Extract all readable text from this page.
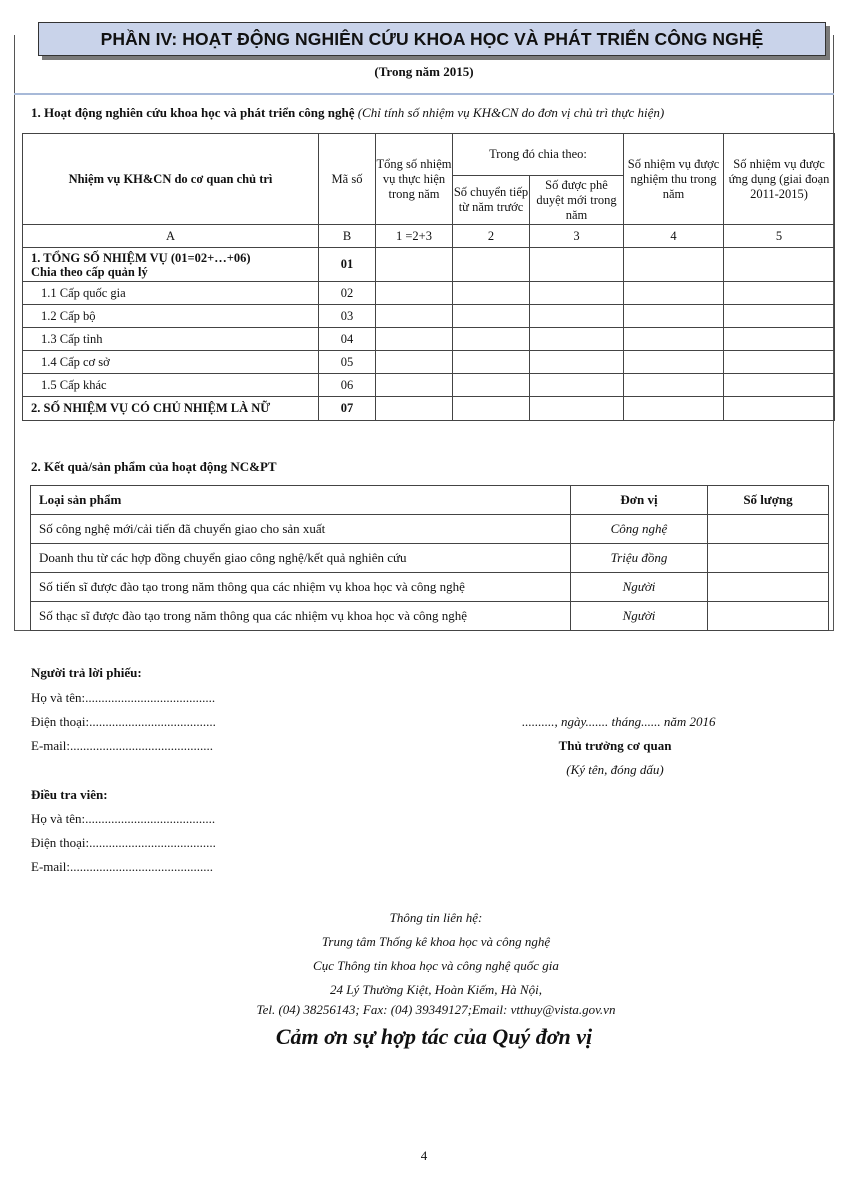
PHẦN IV: HOẠT ĐỘNG NGHIÊN CỨU KHOA HỌC VÀ PHÁT TRIỂN CÔNG NGHỆ
(Trong năm 2015)
1. Hoạt động nghiên cứu khoa học và phát triển công nghệ (Chỉ tính số nhiệm vụ KH&CN do đơn vị chủ trì thực hiện)
Nhiệm vụ KH&CN do cơ quan chủ trì	Mã số	Tổng số nhiệm vụ thực hiện trong năm	Trong đó chia theo:		Số nhiệm vụ được nghiệm thu trong năm	Số nhiệm vụ được ứng dụng (giai đoạn 2011-2015)
			Số chuyển tiếp từ năm trước	Số được phê duyệt mới trong năm		
A	B	1 =2+3	2	3	4	5

1. TỔNG SỐ NHIỆM VỤ (01=02+…+06)
Chia theo cấp quản lý	01					
1.1 Cấp quốc gia	02					
1.2 Cấp bộ	03					
1.3 Cấp tỉnh	04					
1.4 Cấp cơ sở	05					
1.5 Cấp khác	06					
2. SỐ NHIỆM VỤ CÓ CHỦ NHIỆM LÀ NỮ	07					
2. Kết quả/sản phẩm của hoạt động NC&PT
Loại sản phẩm	Đơn vị	Số lượng
Số công nghệ mới/cải tiến đã chuyển giao cho sản xuất	Công nghệ	
Doanh thu từ các hợp đồng chuyển giao công nghệ/kết quả nghiên cứu	Triệu đồng	
Số tiến sĩ được đào tạo trong năm thông qua các nhiệm vụ khoa học và công nghệ	Người	
Số thạc sĩ được đào tạo trong năm thông qua các nhiệm vụ khoa học và công nghệ	Người	
Người trả lời phiếu:
Họ và tên:........................................
Điện thoại:.......................................
E-mail:............................................
.........., ngày....... tháng...... năm 2016
Thủ trưởng cơ quan
(Ký tên, đóng dấu)
Điều tra viên:
Họ và tên:........................................
Điện thoại:.......................................
E-mail:............................................
Thông tin liên hệ:
Trung tâm Thống kê khoa học và công nghệ
Cục Thông tin khoa học và công nghệ quốc gia
24 Lý Thường Kiệt, Hoàn Kiếm, Hà Nội,
Tel. (04) 38256143; Fax: (04) 39349127;Email: vtthuy@vista.gov.vn
Cảm ơn sự hợp tác của Quý đơn vị
4
